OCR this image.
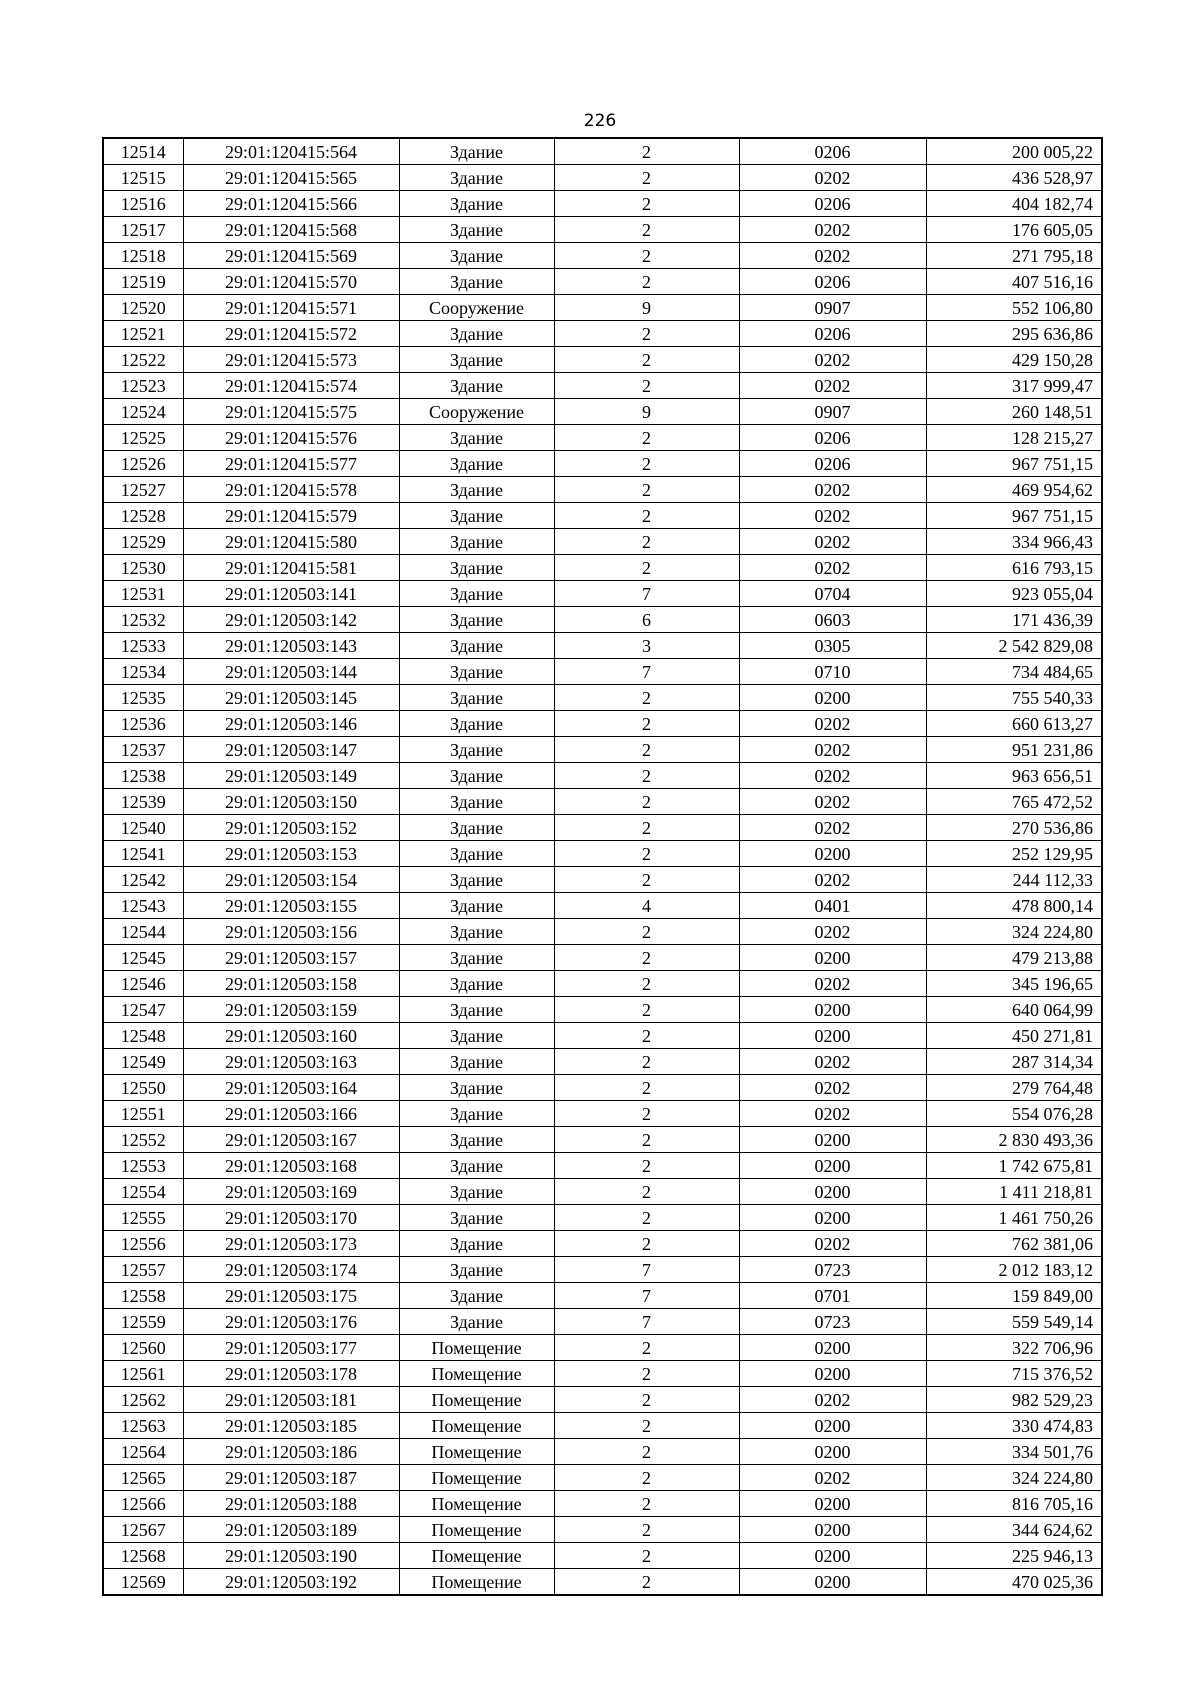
226
12514	29:01:120415:564	Здание	2	0206	200 005,22
12515	29:01:120415:565	Здание	2	0202	436 528,97
12516	29:01:120415:566	Здание	2	0206	404 182,74
12517	29:01:120415:568	Здание	2	0202	176 605,05
12518	29:01:120415:569	Здание	2	0202	271 795,18
12519	29:01:120415:570	Здание	2	0206	407 516,16
12520	29:01:120415:571	Сооружение	9	0907	552 106,80
12521	29:01:120415:572	Здание	2	0206	295 636,86
12522	29:01:120415:573	Здание	2	0202	429 150,28
12523	29:01:120415:574	Здание	2	0202	317 999,47
12524	29:01:120415:575	Сооружение	9	0907	260 148,51
12525	29:01:120415:576	Здание	2	0206	128 215,27
12526	29:01:120415:577	Здание	2	0206	967 751,15
12527	29:01:120415:578	Здание	2	0202	469 954,62
12528	29:01:120415:579	Здание	2	0202	967 751,15
12529	29:01:120415:580	Здание	2	0202	334 966,43
12530	29:01:120415:581	Здание	2	0202	616 793,15
12531	29:01:120503:141	Здание	7	0704	923 055,04
12532	29:01:120503:142	Здание	6	0603	171 436,39
12533	29:01:120503:143	Здание	3	0305	2 542 829,08
12534	29:01:120503:144	Здание	7	0710	734 484,65
12535	29:01:120503:145	Здание	2	0200	755 540,33
12536	29:01:120503:146	Здание	2	0202	660 613,27
12537	29:01:120503:147	Здание	2	0202	951 231,86
12538	29:01:120503:149	Здание	2	0202	963 656,51
12539	29:01:120503:150	Здание	2	0202	765 472,52
12540	29:01:120503:152	Здание	2	0202	270 536,86
12541	29:01:120503:153	Здание	2	0200	252 129,95
12542	29:01:120503:154	Здание	2	0202	244 112,33
12543	29:01:120503:155	Здание	4	0401	478 800,14
12544	29:01:120503:156	Здание	2	0202	324 224,80
12545	29:01:120503:157	Здание	2	0200	479 213,88
12546	29:01:120503:158	Здание	2	0202	345 196,65
12547	29:01:120503:159	Здание	2	0200	640 064,99
12548	29:01:120503:160	Здание	2	0200	450 271,81
12549	29:01:120503:163	Здание	2	0202	287 314,34
12550	29:01:120503:164	Здание	2	0202	279 764,48
12551	29:01:120503:166	Здание	2	0202	554 076,28
12552	29:01:120503:167	Здание	2	0200	2 830 493,36
12553	29:01:120503:168	Здание	2	0200	1 742 675,81
12554	29:01:120503:169	Здание	2	0200	1 411 218,81
12555	29:01:120503:170	Здание	2	0200	1 461 750,26
12556	29:01:120503:173	Здание	2	0202	762 381,06
12557	29:01:120503:174	Здание	7	0723	2 012 183,12
12558	29:01:120503:175	Здание	7	0701	159 849,00
12559	29:01:120503:176	Здание	7	0723	559 549,14
12560	29:01:120503:177	Помещение	2	0200	322 706,96
12561	29:01:120503:178	Помещение	2	0200	715 376,52
12562	29:01:120503:181	Помещение	2	0202	982 529,23
12563	29:01:120503:185	Помещение	2	0200	330 474,83
12564	29:01:120503:186	Помещение	2	0200	334 501,76
12565	29:01:120503:187	Помещение	2	0202	324 224,80
12566	29:01:120503:188	Помещение	2	0200	816 705,16
12567	29:01:120503:189	Помещение	2	0200	344 624,62
12568	29:01:120503:190	Помещение	2	0200	225 946,13
12569	29:01:120503:192	Помещение	2	0200	470 025,36
